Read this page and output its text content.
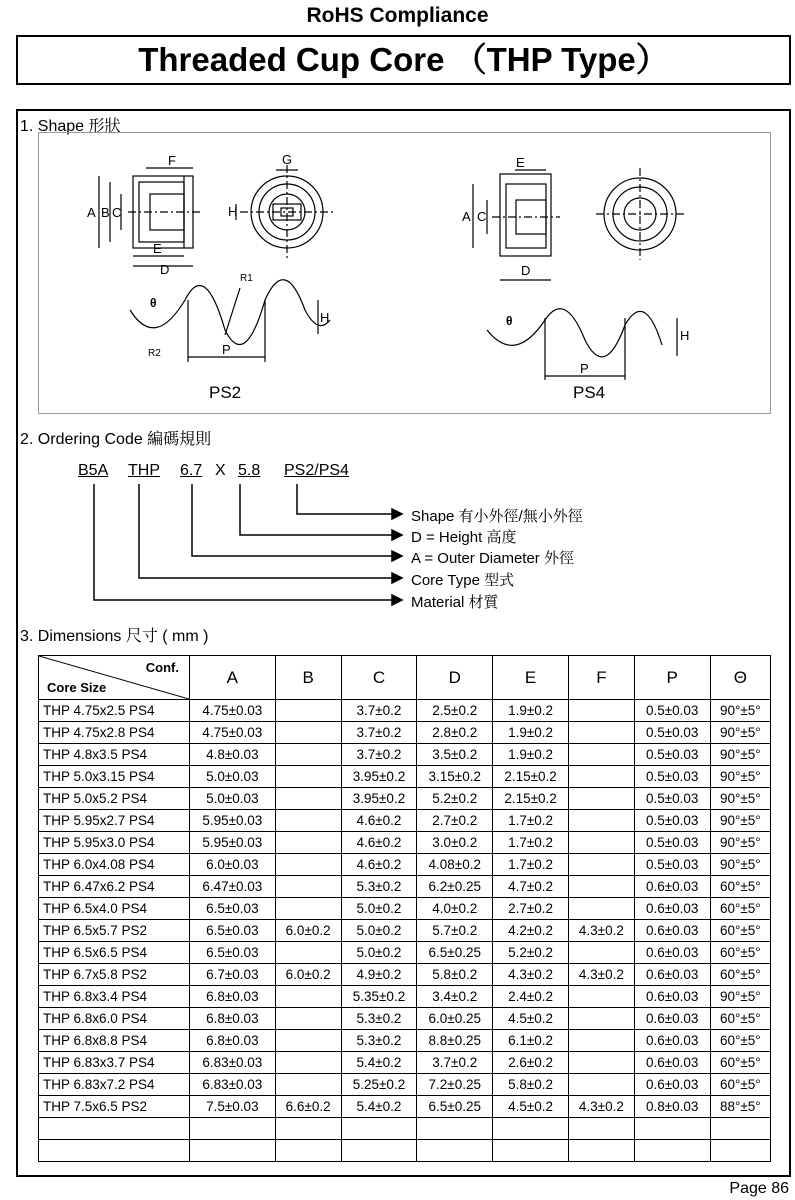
RoHS Compliance
Threaded Cup Core （THP Type）
1. Shape 形狀
F	G
A B C
E
D
H
θ
R1
R2	P
H
PS2
E
A C
D
θ
P
H
PS4
2. Ordering Code 編碼規則
B5A THP 6.7 X 5.8 PS2/PS4
Shape 有小外徑/無小外徑
D = Height 高度
A = Outer Diameter 外徑
Core Type 型式
Material 材質
3. Dimensions 尺寸 ( mm )
Conf.
Core Size	A	B	C	D	E	F	P	Θ
THP 4.75x2.5 PS4	4.75±0.03		3.7±0.2	2.5±0.2	1.9±0.2		0.5±0.03	90°±5°
THP 4.75x2.8 PS4	4.75±0.03		3.7±0.2	2.8±0.2	1.9±0.2		0.5±0.03	90°±5°
THP 4.8x3.5 PS4	4.8±0.03		3.7±0.2	3.5±0.2	1.9±0.2		0.5±0.03	90°±5°
THP 5.0x3.15 PS4	5.0±0.03		3.95±0.2	3.15±0.2	2.15±0.2		0.5±0.03	90°±5°
THP 5.0x5.2 PS4	5.0±0.03		3.95±0.2	5.2±0.2	2.15±0.2		0.5±0.03	90°±5°
THP 5.95x2.7 PS4	5.95±0.03		4.6±0.2	2.7±0.2	1.7±0.2		0.5±0.03	90°±5°
THP 5.95x3.0 PS4	5.95±0.03		4.6±0.2	3.0±0.2	1.7±0.2		0.5±0.03	90°±5°
THP 6.0x4.08 PS4	6.0±0.03		4.6±0.2	4.08±0.2	1.7±0.2		0.5±0.03	90°±5°
THP 6.47x6.2 PS4	6.47±0.03		5.3±0.2	6.2±0.25	4.7±0.2		0.6±0.03	60°±5°
THP 6.5x4.0 PS4	6.5±0.03		5.0±0.2	4.0±0.2	2.7±0.2		0.6±0.03	60°±5°
THP 6.5x5.7 PS2	6.5±0.03	6.0±0.2	5.0±0.2	5.7±0.2	4.2±0.2	4.3±0.2	0.6±0.03	60°±5°
THP 6.5x6.5 PS4	6.5±0.03		5.0±0.2	6.5±0.25	5.2±0.2		0.6±0.03	60°±5°
THP 6.7x5.8 PS2	6.7±0.03	6.0±0.2	4.9±0.2	5.8±0.2	4.3±0.2	4.3±0.2	0.6±0.03	60°±5°
THP 6.8x3.4 PS4	6.8±0.03		5.35±0.2	3.4±0.2	2.4±0.2		0.6±0.03	90°±5°
THP 6.8x6.0 PS4	6.8±0.03		5.3±0.2	6.0±0.25	4.5±0.2		0.6±0.03	60°±5°
THP 6.8x8.8 PS4	6.8±0.03		5.3±0.2	8.8±0.25	6.1±0.2		0.6±0.03	60°±5°
THP 6.83x3.7 PS4	6.83±0.03		5.4±0.2	3.7±0.2	2.6±0.2		0.6±0.03	60°±5°
THP 6.83x7.2 PS4	6.83±0.03		5.25±0.2	7.2±0.25	5.8±0.2		0.6±0.03	60°±5°
THP 7.5x6.5 PS2	7.5±0.03	6.6±0.2	5.4±0.2	6.5±0.25	4.5±0.2	4.3±0.2	0.8±0.03	88°±5°

Page 86
